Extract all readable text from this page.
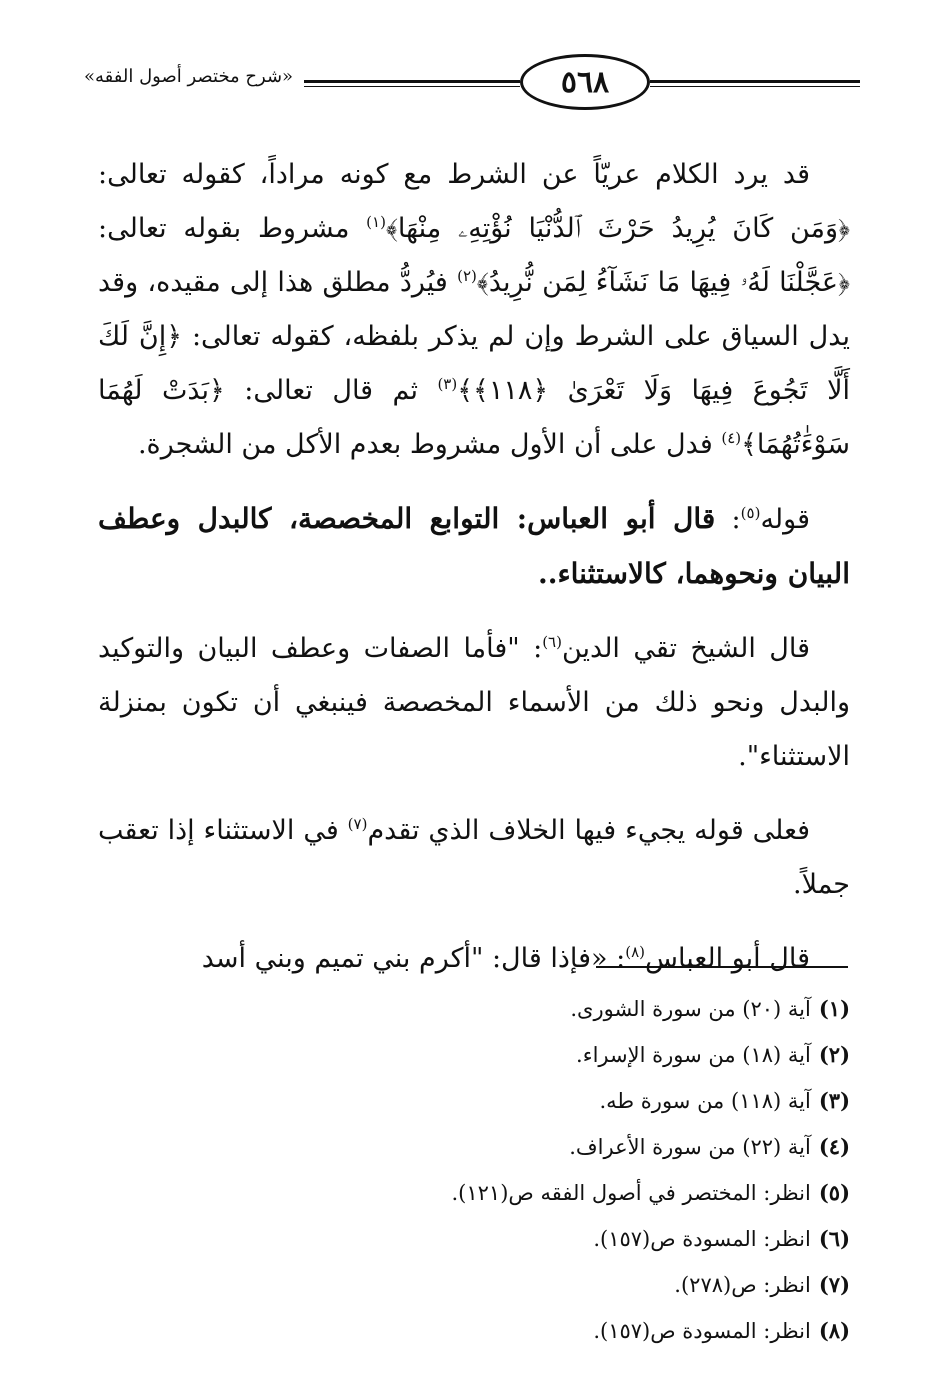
٥٦٨
«شرح مختصر أصول الفقه»

قد يرد الكلام عريّاً عن الشرط مع كونه مراداً، كقوله تعالى: ﴿وَمَن كَانَ يُرِيدُ حَرْثَ ٱلدُّنْيَا نُؤْتِهِۦ مِنْهَا﴾$^{(١)}$ مشروط بقوله تعالى: ﴿عَجَّلْنَا لَهُۥ فِيهَا مَا نَشَآءُ لِمَن نُّرِيدُ﴾$^{(٢)}$ فيُردُّ مطلق هذا إلى مقيده، وقد يدل السياق على الشرط وإن لم يذكر بلفظه، كقوله تعالى: ﴿إِنَّ لَكَ أَلَّا تَجُوعَ فِيهَا وَلَا تَعْرَىٰ ﴿١١٨﴾﴾$^{(٣)}$ ثم قال تعالى: ﴿بَدَتْ لَهُمَا سَوْءَٰتُهُمَا﴾$^{(٤)}$ فدل على أن الأول مشروط بعدم الأكل من الشجرة.

قوله$^{(٥)}$: قال أبو العباس: التوابع المخصصة، كالبدل وعطف البيان ونحوهما، كالاستثناء..

قال الشيخ تقي الدين$^{(٦)}$: "فأما الصفات وعطف البيان والتوكيد والبدل ونحو ذلك من الأسماء المخصصة فينبغي أن تكون بمنزلة الاستثناء".

فعلى قوله يجيء فيها الخلاف الذي تقدم$^{(٧)}$ في الاستثناء إذا تعقب جملاً.

قال أبو العباس$^{(٨)}$: «فإذا قال: "أكرم بني تميم وبني أسد

(١)آية (٢٠) من سورة الشورى.
(٢)آية (١٨) من سورة الإسراء.
(٣)آية (١١٨) من سورة طه.
(٤)آية (٢٢) من سورة الأعراف.
(٥)انظر: المختصر في أصول الفقه ص(١٢١).
(٦)انظر: المسودة ص(١٥٧).
(٧)انظر: ص(٢٧٨).
(٨)انظر: المسودة ص(١٥٧).
